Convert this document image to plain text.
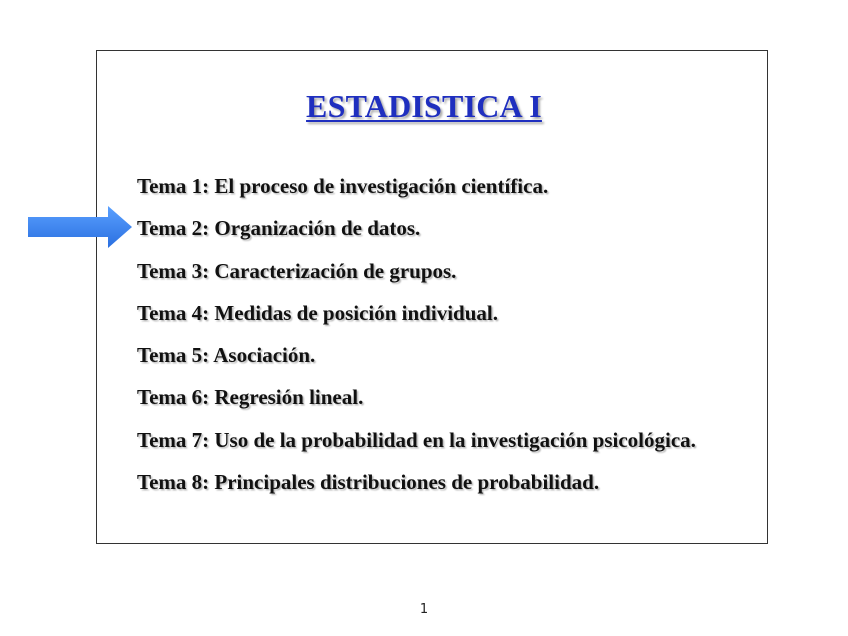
ESTADISTICA I
Tema 1: El proceso de investigación científica.
Tema 2: Organización de datos.
Tema 3: Caracterización de grupos.
Tema 4: Medidas de posición individual.
Tema 5: Asociación.
Tema 6: Regresión lineal.
Tema 7: Uso de la probabilidad en la investigación psicológica.
Tema 8: Principales distribuciones de probabilidad.
1
